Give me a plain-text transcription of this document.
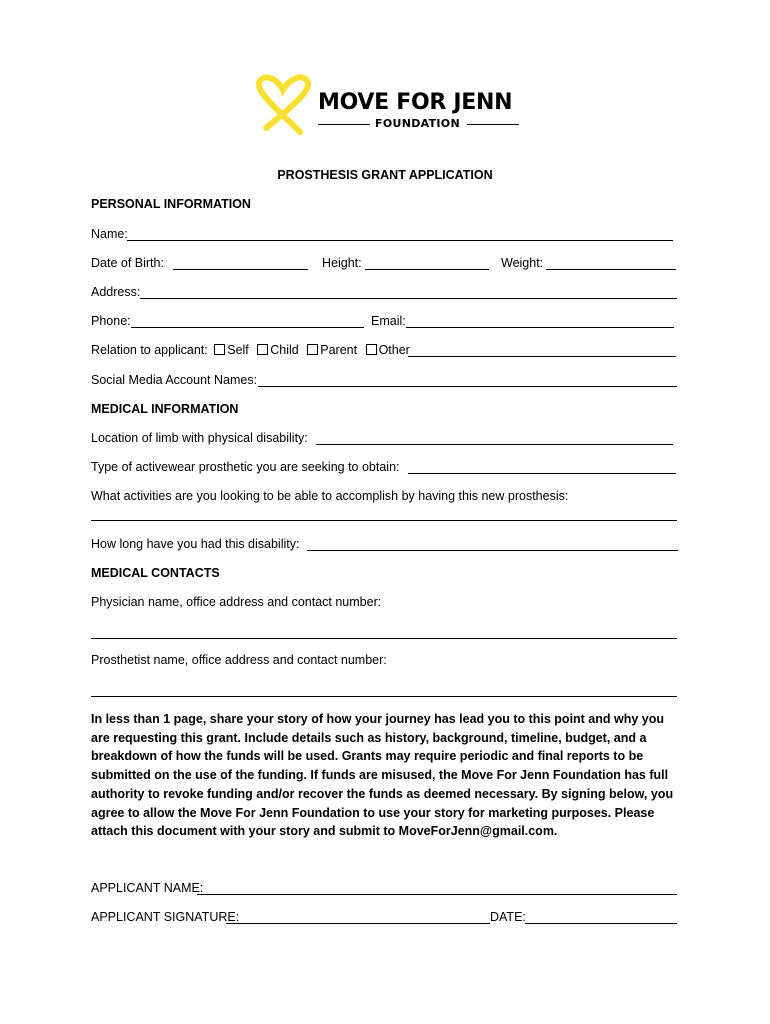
MOVE FOR JENN
FOUNDATION
PROSTHESIS GRANT APPLICATION
PERSONAL INFORMATION
Name:
Date of Birth:	Height:	Weight:
Address:
Phone:	Email:
Relation to applicant: Self Child Parent Other
Social Media Account Names:
MEDICAL INFORMATION
Location of limb with physical disability:
Type of activewear prosthetic you are seeking to obtain:
What activities are you looking to be able to accomplish by having this new prosthesis:
How long have you had this disability:
MEDICAL CONTACTS
Physician name, office address and contact number:
Prosthetist name, office address and contact number:
In less than 1 page, share your story of how your journey has lead you to this point and why you are requesting this grant. Include details such as history, background, timeline, budget, and a breakdown of how the funds will be used. Grants may require periodic and final reports to be submitted on the use of the funding. If funds are misused, the Move For Jenn Foundation has full authority to revoke funding and/or recover the funds as deemed necessary. By signing below, you agree to allow the Move For Jenn Foundation to use your story for marketing purposes. Please attach this document with your story and submit to MoveForJenn@gmail.com.
APPLICANT NAME:
APPLICANT SIGNATURE:	DATE:
